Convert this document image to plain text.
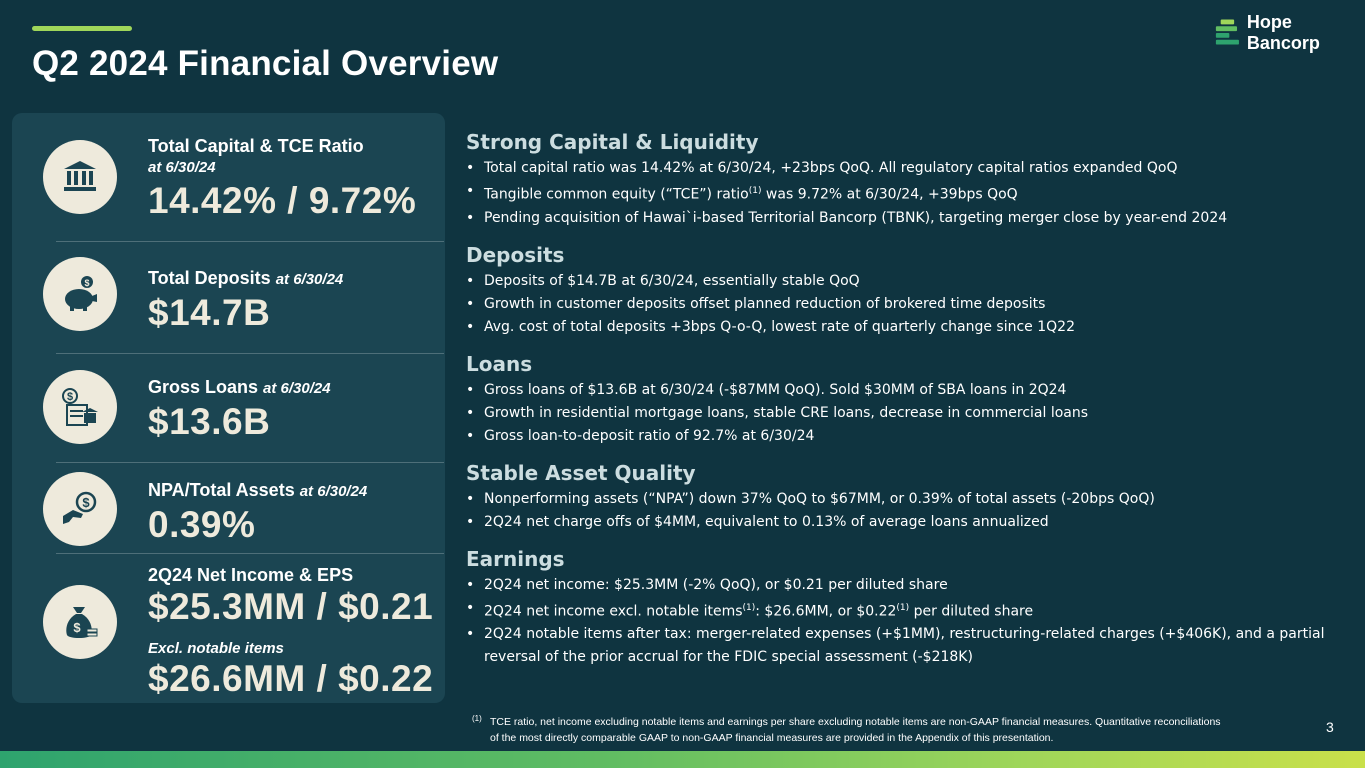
Q2 2024 Financial Overview
Hope Bancorp
Total Capital & TCE Ratio
at 6/30/24
14.42% / 9.72%
$	Total Deposits at 6/30/24
$14.7B
$	Gross Loans at 6/30/24
$13.6B
$
NPA/Total Assets at 6/30/24
0.39%
$
2Q24 Net Income & EPS
$25.3MM / $0.21
Excl. notable items
$26.6MM / $0.22
Strong Capital & Liquidity
• Total capital ratio was 14.42% at 6/30/24, +23bps QoQ. All regulatory capital ratios expanded QoQ
• Tangible common equity (“TCE”) ratio$^{(1)}$ was 9.72% at 6/30/24, +39bps QoQ
• Pending acquisition of Hawai`i-based Territorial Bancorp (TBNK), targeting merger close by year-end 2024
Deposits
• Deposits of $14.7B at 6/30/24, essentially stable QoQ
• Growth in customer deposits offset planned reduction of brokered time deposits
• Avg. cost of total deposits +3bps Q-o-Q, lowest rate of quarterly change since 1Q22
Loans
• Gross loans of $13.6B at 6/30/24 (-$87MM QoQ). Sold $30MM of SBA loans in 2Q24
• Growth in residential mortgage loans, stable CRE loans, decrease in commercial loans
• Gross loan-to-deposit ratio of 92.7% at 6/30/24
Stable Asset Quality
• Nonperforming assets (“NPA”) down 37% QoQ to $67MM, or 0.39% of total assets (-20bps QoQ)
• 2Q24 net charge offs of $4MM, equivalent to 0.13% of average loans annualized
Earnings
• 2Q24 net income: $25.3MM (-2% QoQ), or $0.21 per diluted share
• 2Q24 net income excl. notable items$^{(1)}$: $26.6MM, or $0.22$^{(1)}$ per diluted share
• 2Q24 notable items after tax: merger-related expenses (+$1MM), restructuring-related charges (+$406K), and a partial reversal of the prior accrual for the FDIC special assessment (-$218K)
(1) TCE ratio, net income excluding notable items and earnings per share excluding notable items are non-GAAP financial measures. Quantitative reconciliations of the most directly comparable GAAP to non-GAAP financial measures are provided in the Appendix of this presentation.
3
